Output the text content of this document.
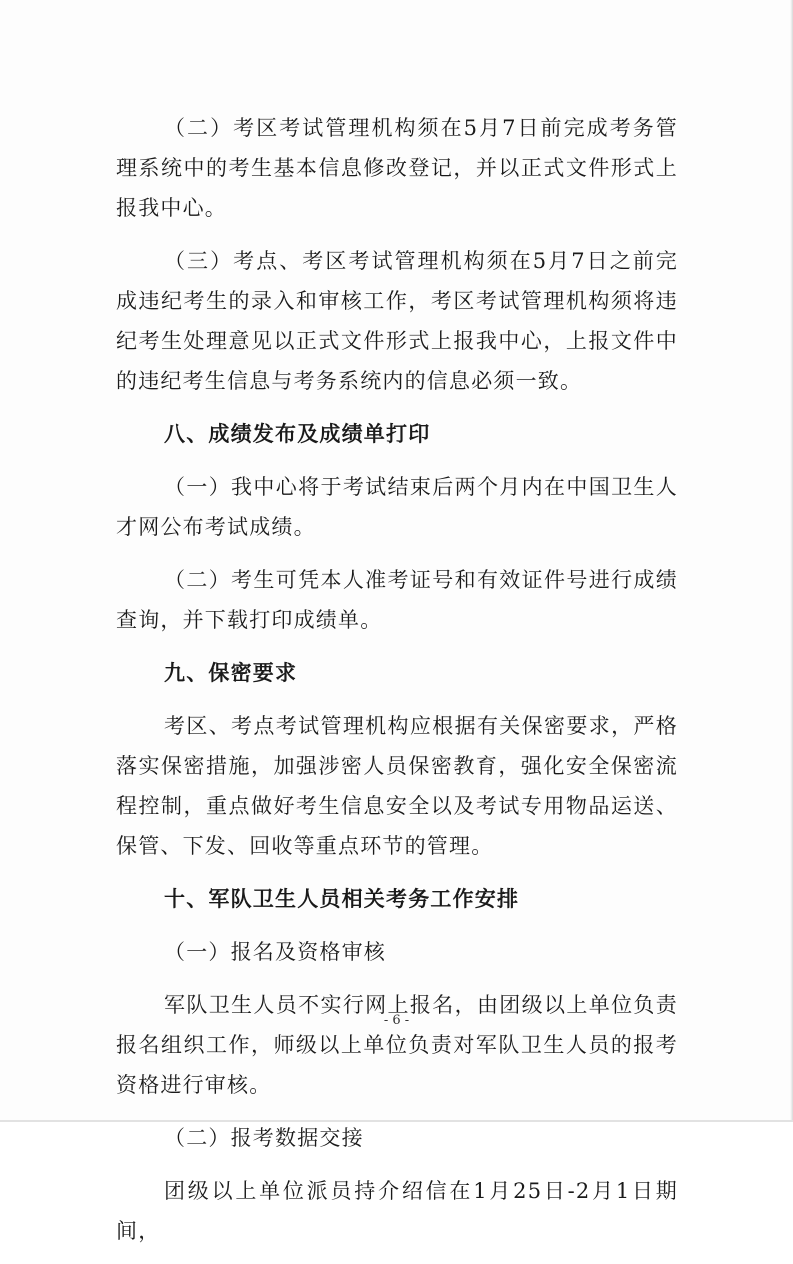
（二）考区考试管理机构须在5月7日前完成考务管理系统中的考生基本信息修改登记，并以正式文件形式上报我中心。

（三）考点、考区考试管理机构须在5月7日之前完成违纪考生的录入和审核工作，考区考试管理机构须将违纪考生处理意见以正式文件形式上报我中心，上报文件中的违纪考生信息与考务系统内的信息必须一致。

八、成绩发布及成绩单打印

（一）我中心将于考试结束后两个月内在中国卫生人才网公布考试成绩。

（二）考生可凭本人准考证号和有效证件号进行成绩查询，并下载打印成绩单。

九、保密要求

考区、考点考试管理机构应根据有关保密要求，严格落实保密措施，加强涉密人员保密教育，强化安全保密流程控制，重点做好考生信息安全以及考试专用物品运送、保管、下发、回收等重点环节的管理。

十、军队卫生人员相关考务工作安排

（一）报名及资格审核

军队卫生人员不实行网上报名，由团级以上单位负责报名组织工作，师级以上单位负责对军队卫生人员的报考资格进行审核。

（二）报考数据交接

团级以上单位派员持介绍信在1月25日-2月1日期间，

- 6 -
